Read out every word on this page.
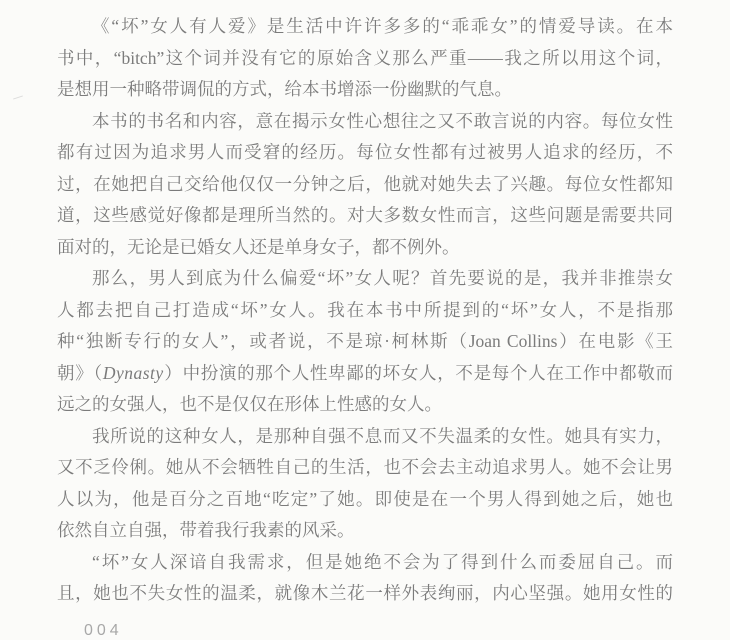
《“坏”女人有人爱》是生活中许许多多的“乖乖女”的情爱导读。在本
书中，“bitch”这个词并没有它的原始含义那么严重——我之所以用这个词，
是想用一种略带调侃的方式，给本书增添一份幽默的气息。
本书的书名和内容，意在揭示女性心想往之又不敢言说的内容。每位女性
都有过因为追求男人而受窘的经历。每位女性都有过被男人追求的经历，不
过，在她把自己交给他仅仅一分钟之后，他就对她失去了兴趣。每位女性都知
道，这些感觉好像都是理所当然的。对大多数女性而言，这些问题是需要共同
面对的，无论是已婚女人还是单身女子，都不例外。
那么，男人到底为什么偏爱“坏”女人呢？首先要说的是，我并非推崇女
人都去把自己打造成“坏”女人。我在本书中所提到的“坏”女人，不是指那
种“独断专行的女人”，或者说，不是琼·柯林斯（Joan Collins）在电影《王
朝》（Dynasty）中扮演的那个人性卑鄙的坏女人，不是每个人在工作中都敬而
远之的女强人，也不是仅仅在形体上性感的女人。
我所说的这种女人，是那种自强不息而又不失温柔的女性。她具有实力，
又不乏伶俐。她从不会牺牲自己的生活，也不会去主动追求男人。她不会让男
人以为，他是百分之百地“吃定”了她。即使是在一个男人得到她之后，她也
依然自立自强，带着我行我素的风采。
“坏”女人深谙自我需求，但是她绝不会为了得到什么而委屈自己。而
且，她也不失女性的温柔，就像木兰花一样外表绚丽，内心坚强。她用女性的
004
